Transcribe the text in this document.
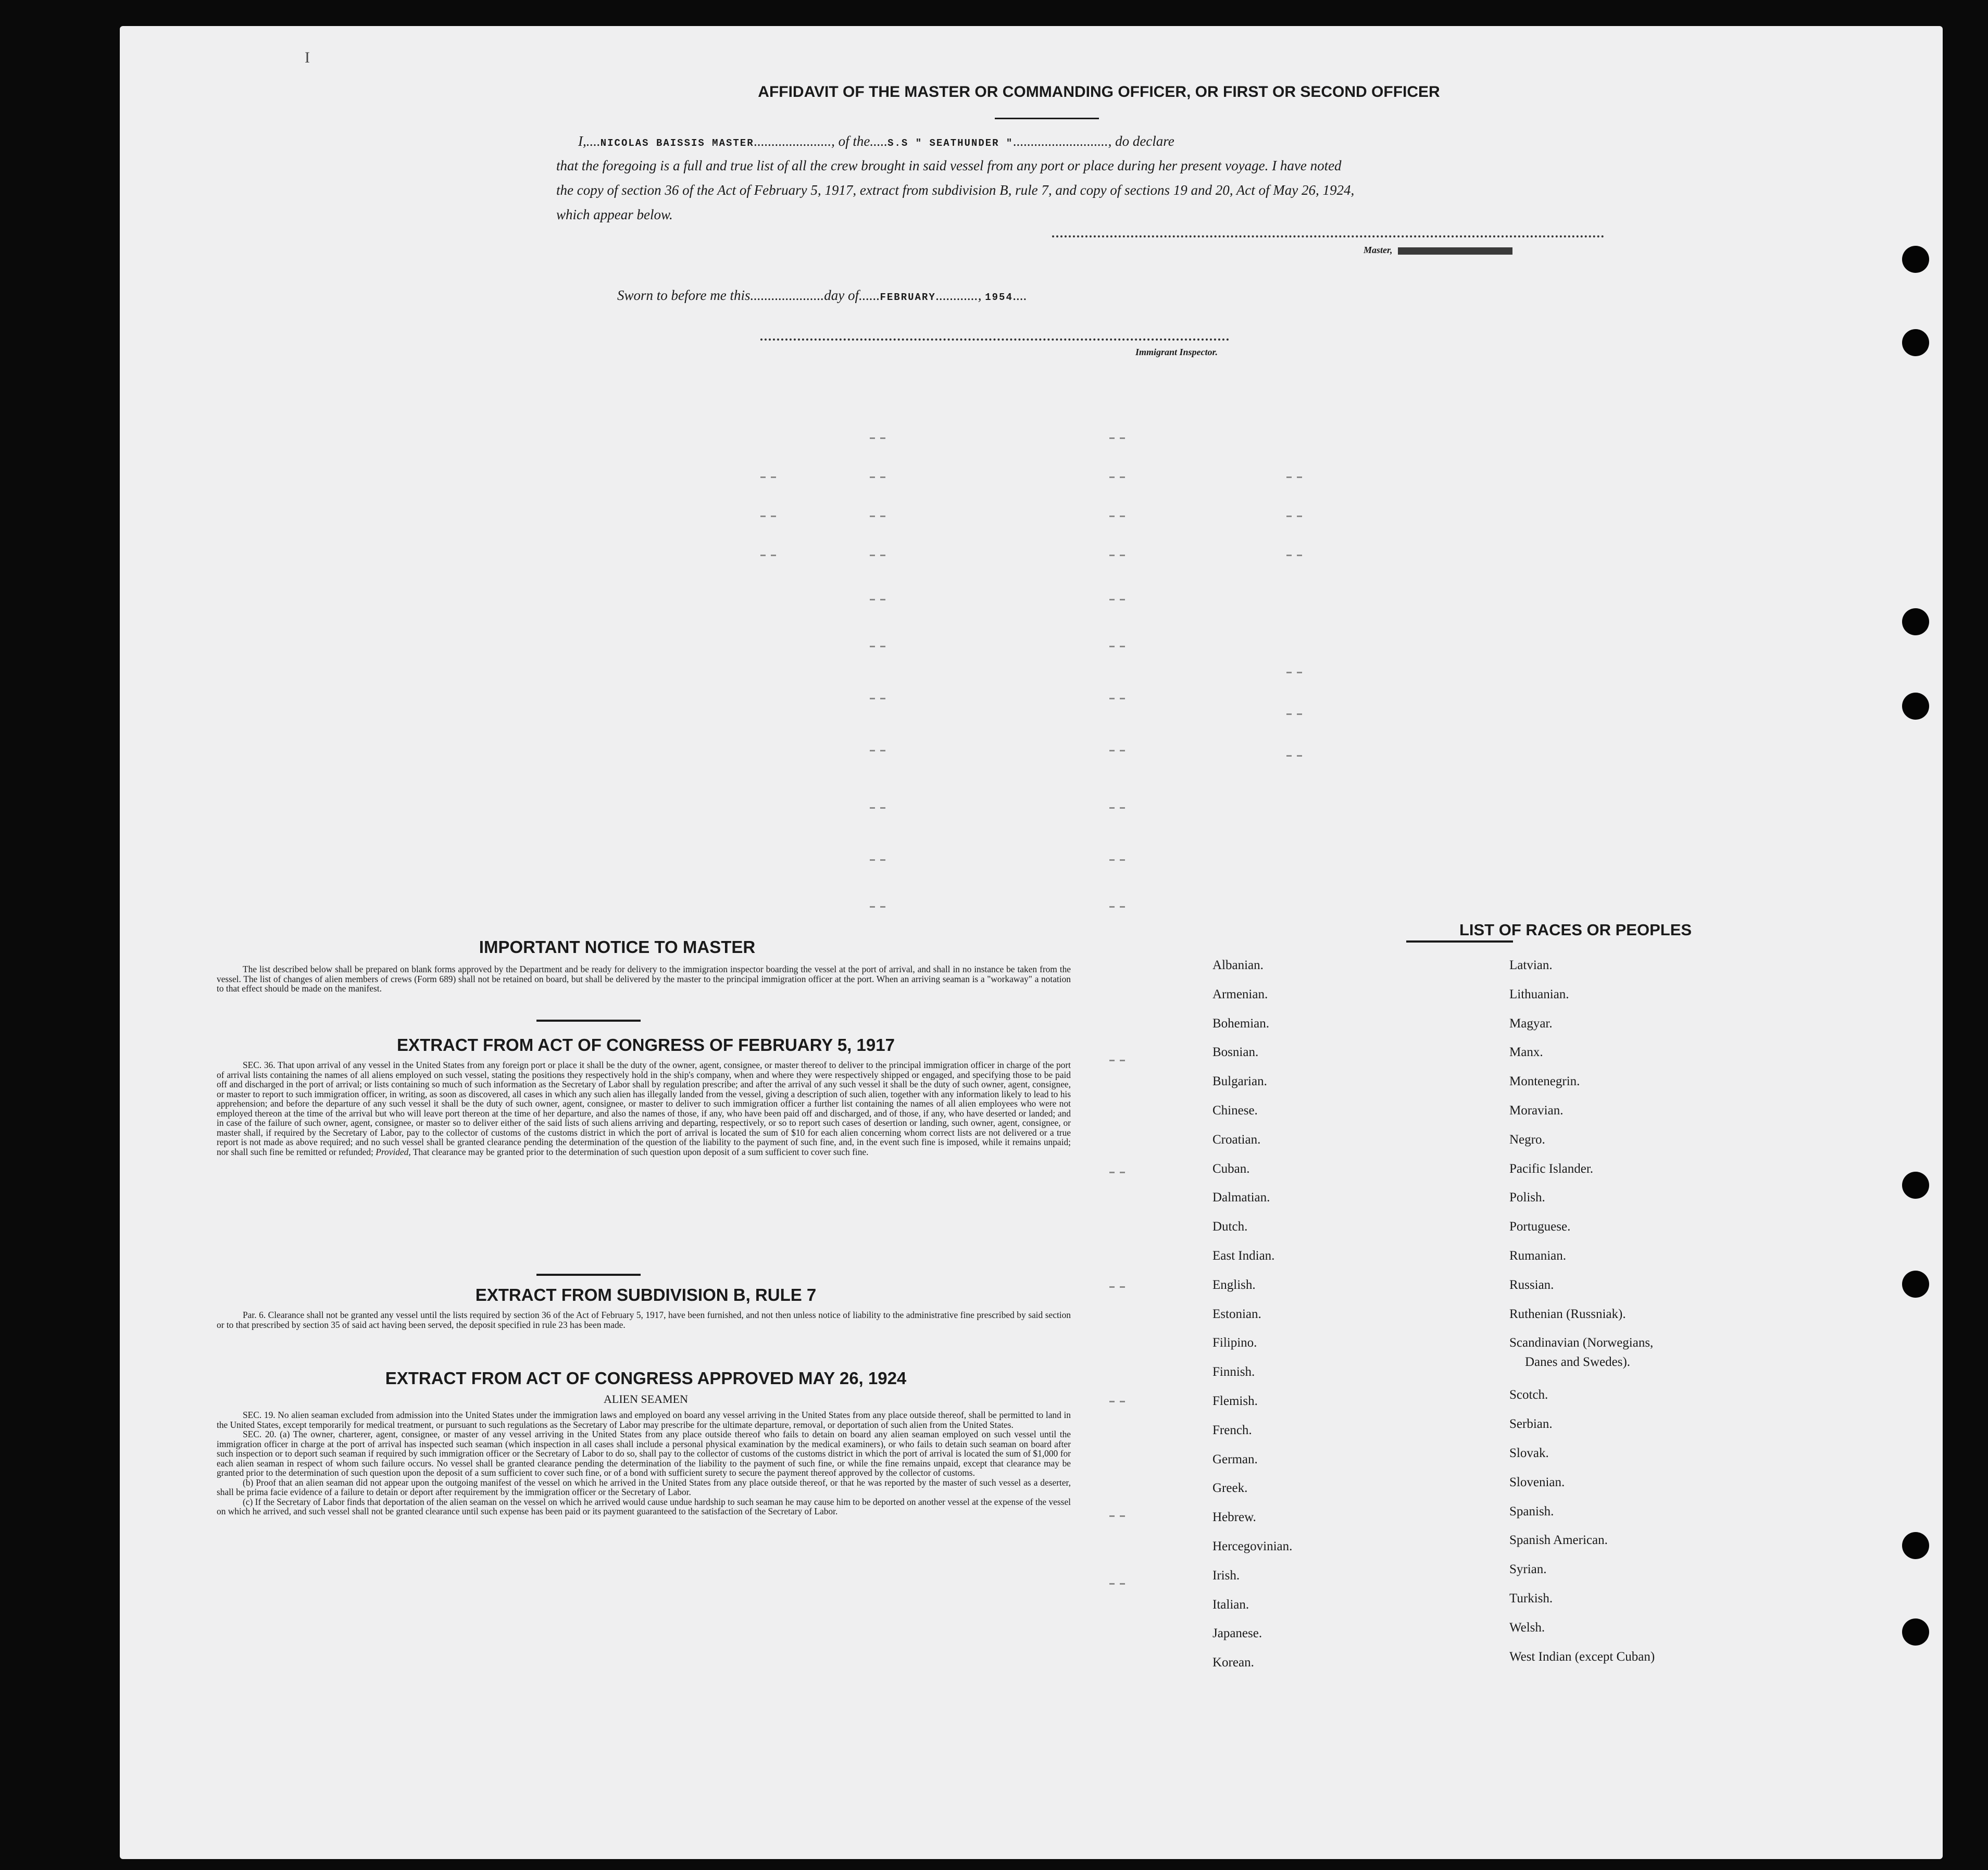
I
AFFIDAVIT OF THE MASTER OR COMMANDING OFFICER, OR FIRST OR SECOND OFFICER
I,....NICOLAS BAISSIS MASTER......................, of the.....S.S " SEATHUNDER "..........................., do declare
that the foregoing is a full and true list of all the crew brought in said vessel from any port or place during her present voyage. I have noted
the copy of section 36 of the Act of February 5, 1917, extract from subdivision B, rule 7, and copy of sections 19 and 20, Act of May 26, 1924,
which appear below.
Master,
Sworn to before me this.....................day of......FEBRUARY............, 1954....
Immigrant Inspector.
IMPORTANT NOTICE TO MASTER

The list described below shall be prepared on blank forms approved by the Department and be ready for delivery to the immigration inspector boarding the vessel at the port of arrival, and shall in no instance be taken from the vessel. The list of changes of alien members of crews (Form 689) shall not be retained on board, but shall be delivered by the master to the principal immigration officer at the port. When an arriving seaman is a "workaway" a notation to that effect should be made on the manifest.

EXTRACT FROM ACT OF CONGRESS OF FEBRUARY 5, 1917

SEC. 36. That upon arrival of any vessel in the United States from any foreign port or place it shall be the duty of the owner, agent, consignee, or master thereof to deliver to the principal immigration officer in charge of the port of arrival lists containing the names of all aliens employed on such vessel, stating the positions they respectively hold in the ship's company, when and where they were respectively shipped or engaged, and specifying those to be paid off and discharged in the port of arrival; or lists containing so much of such information as the Secretary of Labor shall by regulation prescribe; and after the arrival of any such vessel it shall be the duty of such owner, agent, consignee, or master to report to such immigration officer, in writing, as soon as discovered, all cases in which any such alien has illegally landed from the vessel, giving a description of such alien, together with any information likely to lead to his apprehension; and before the departure of any such vessel it shall be the duty of such owner, agent, consignee, or master to deliver to such immigration officer a further list containing the names of all alien employees who were not employed thereon at the time of the arrival but who will leave port thereon at the time of her departure, and also the names of those, if any, who have been paid off and discharged, and of those, if any, who have deserted or landed; and in case of the failure of such owner, agent, consignee, or master so to deliver either of the said lists of such aliens arriving and departing, respectively, or so to report such cases of desertion or landing, such owner, agent, consignee, or master shall, if required by the Secretary of Labor, pay to the collector of customs of the customs district in which the port of arrival is located the sum of $10 for each alien concerning whom correct lists are not delivered or a true report is not made as above required; and no such vessel shall be granted clearance pending the determination of the question of the liability to the payment of such fine, and, in the event such fine is imposed, while it remains unpaid; nor shall such fine be remitted or refunded; Provided, That clearance may be granted prior to the determination of such question upon deposit of a sum sufficient to cover such fine.

EXTRACT FROM SUBDIVISION B, RULE 7

Par. 6. Clearance shall not be granted any vessel until the lists required by section 36 of the Act of February 5, 1917, have been furnished, and not then unless notice of liability to the administrative fine prescribed by said section or to that prescribed by section 35 of said act having been served, the deposit specified in rule 23 has been made.

EXTRACT FROM ACT OF CONGRESS APPROVED MAY 26, 1924
ALIEN SEAMEN

SEC. 19. No alien seaman excluded from admission into the United States under the immigration laws and employed on board any vessel arriving in the United States from any place outside thereof, shall be permitted to land in the United States, except temporarily for medical treatment, or pursuant to such regulations as the Secretary of Labor may prescribe for the ultimate departure, removal, or deportation of such alien from the United States.

SEC. 20. (a) The owner, charterer, agent, consignee, or master of any vessel arriving in the United States from any place outside thereof who fails to detain on board any alien seaman employed on such vessel until the immigration officer in charge at the port of arrival has inspected such seaman (which inspection in all cases shall include a personal physical examination by the medical examiners), or who fails to detain such seaman on board after such inspection or to deport such seaman if required by such immigration officer or the Secretary of Labor to do so, shall pay to the collector of customs of the customs district in which the port of arrival is located the sum of $1,000 for each alien seaman in respect of whom such failure occurs. No vessel shall be granted clearance pending the determination of the liability to the payment of such fine, or while the fine remains unpaid, except that clearance may be granted prior to the determination of such question upon the deposit of a sum sufficient to cover such fine, or of a bond with sufficient surety to secure the payment thereof approved by the collector of customs.

(b) Proof that an alien seaman did not appear upon the outgoing manifest of the vessel on which he arrived in the United States from any place outside thereof, or that he was reported by the master of such vessel as a deserter, shall be prima facie evidence of a failure to detain or deport after requirement by the immigration officer or the Secretary of Labor.

(c) If the Secretary of Labor finds that deportation of the alien seaman on the vessel on which he arrived would cause undue hardship to such seaman he may cause him to be deported on another vessel at the expense of the vessel on which he arrived, and such vessel shall not be granted clearance until such expense has been paid or its payment guaranteed to the satisfaction of the Secretary of Labor.

LIST OF RACES OR PEOPLES
Albanian.
Armenian.
Bohemian.
Bosnian.
Bulgarian.
Chinese.
Croatian.
Cuban.
Dalmatian.
Dutch.
East Indian.
English.
Estonian.
Filipino.
Finnish.
Flemish.
French.
German.
Greek.
Hebrew.
Hercegovinian.
Irish.
Italian.
Japanese.
Korean.
Latvian.
Lithuanian.
Magyar.
Manx.
Montenegrin.
Moravian.
Negro.
Pacific Islander.
Polish.
Portuguese.
Rumanian.
Russian.
Ruthenian (Russniak).
Scandinavian (Norwegians,
Danes and Swedes).
Scotch.
Serbian.
Slovak.
Slovenian.
Spanish.
Spanish American.
Syrian.
Turkish.
Welsh.
West Indian (except Cuban)
